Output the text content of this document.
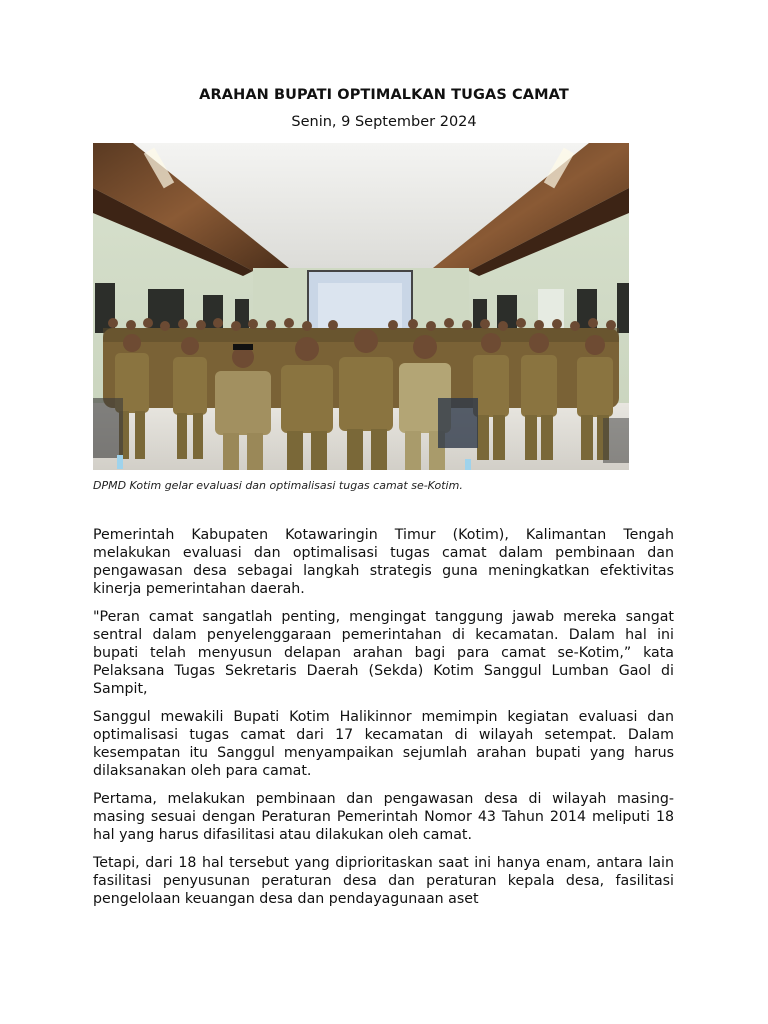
ARAHAN BUPATI OPTIMALKAN TUGAS CAMAT
Senin, 9 September 2024
DPMD Kotim gelar evaluasi dan optimalisasi tugas camat se-Kotim.

Pemerintah Kabupaten Kotawaringin Timur (Kotim), Kalimantan Tengah melakukan evaluasi dan optimalisasi tugas camat dalam pembinaan dan pengawasan desa sebagai langkah strategis guna meningkatkan efektivitas kinerja pemerintahan daerah.

"Peran camat sangatlah penting, mengingat tanggung jawab mereka sangat sentral dalam penyelenggaraan pemerintahan di kecamatan. Dalam hal ini bupati telah menyusun delapan arahan bagi para camat se-Kotim,” kata Pelaksana Tugas Sekretaris Daerah (Sekda) Kotim Sanggul Lumban Gaol di Sampit,

Sanggul mewakili Bupati Kotim Halikinnor memimpin kegiatan evaluasi dan optimalisasi tugas camat dari 17 kecamatan di wilayah setempat. Dalam kesempatan itu Sanggul menyampaikan sejumlah arahan bupati yang harus dilaksanakan oleh para camat.

Pertama, melakukan pembinaan dan pengawasan desa di wilayah masing-masing sesuai dengan Peraturan Pemerintah Nomor 43 Tahun 2014 meliputi 18 hal yang harus difasilitasi atau dilakukan oleh camat.

Tetapi, dari 18 hal tersebut yang diprioritaskan saat ini hanya enam, antara lain fasilitasi penyusunan peraturan desa dan peraturan kepala desa, fasilitasi pengelolaan keuangan desa dan pendayagunaan aset
